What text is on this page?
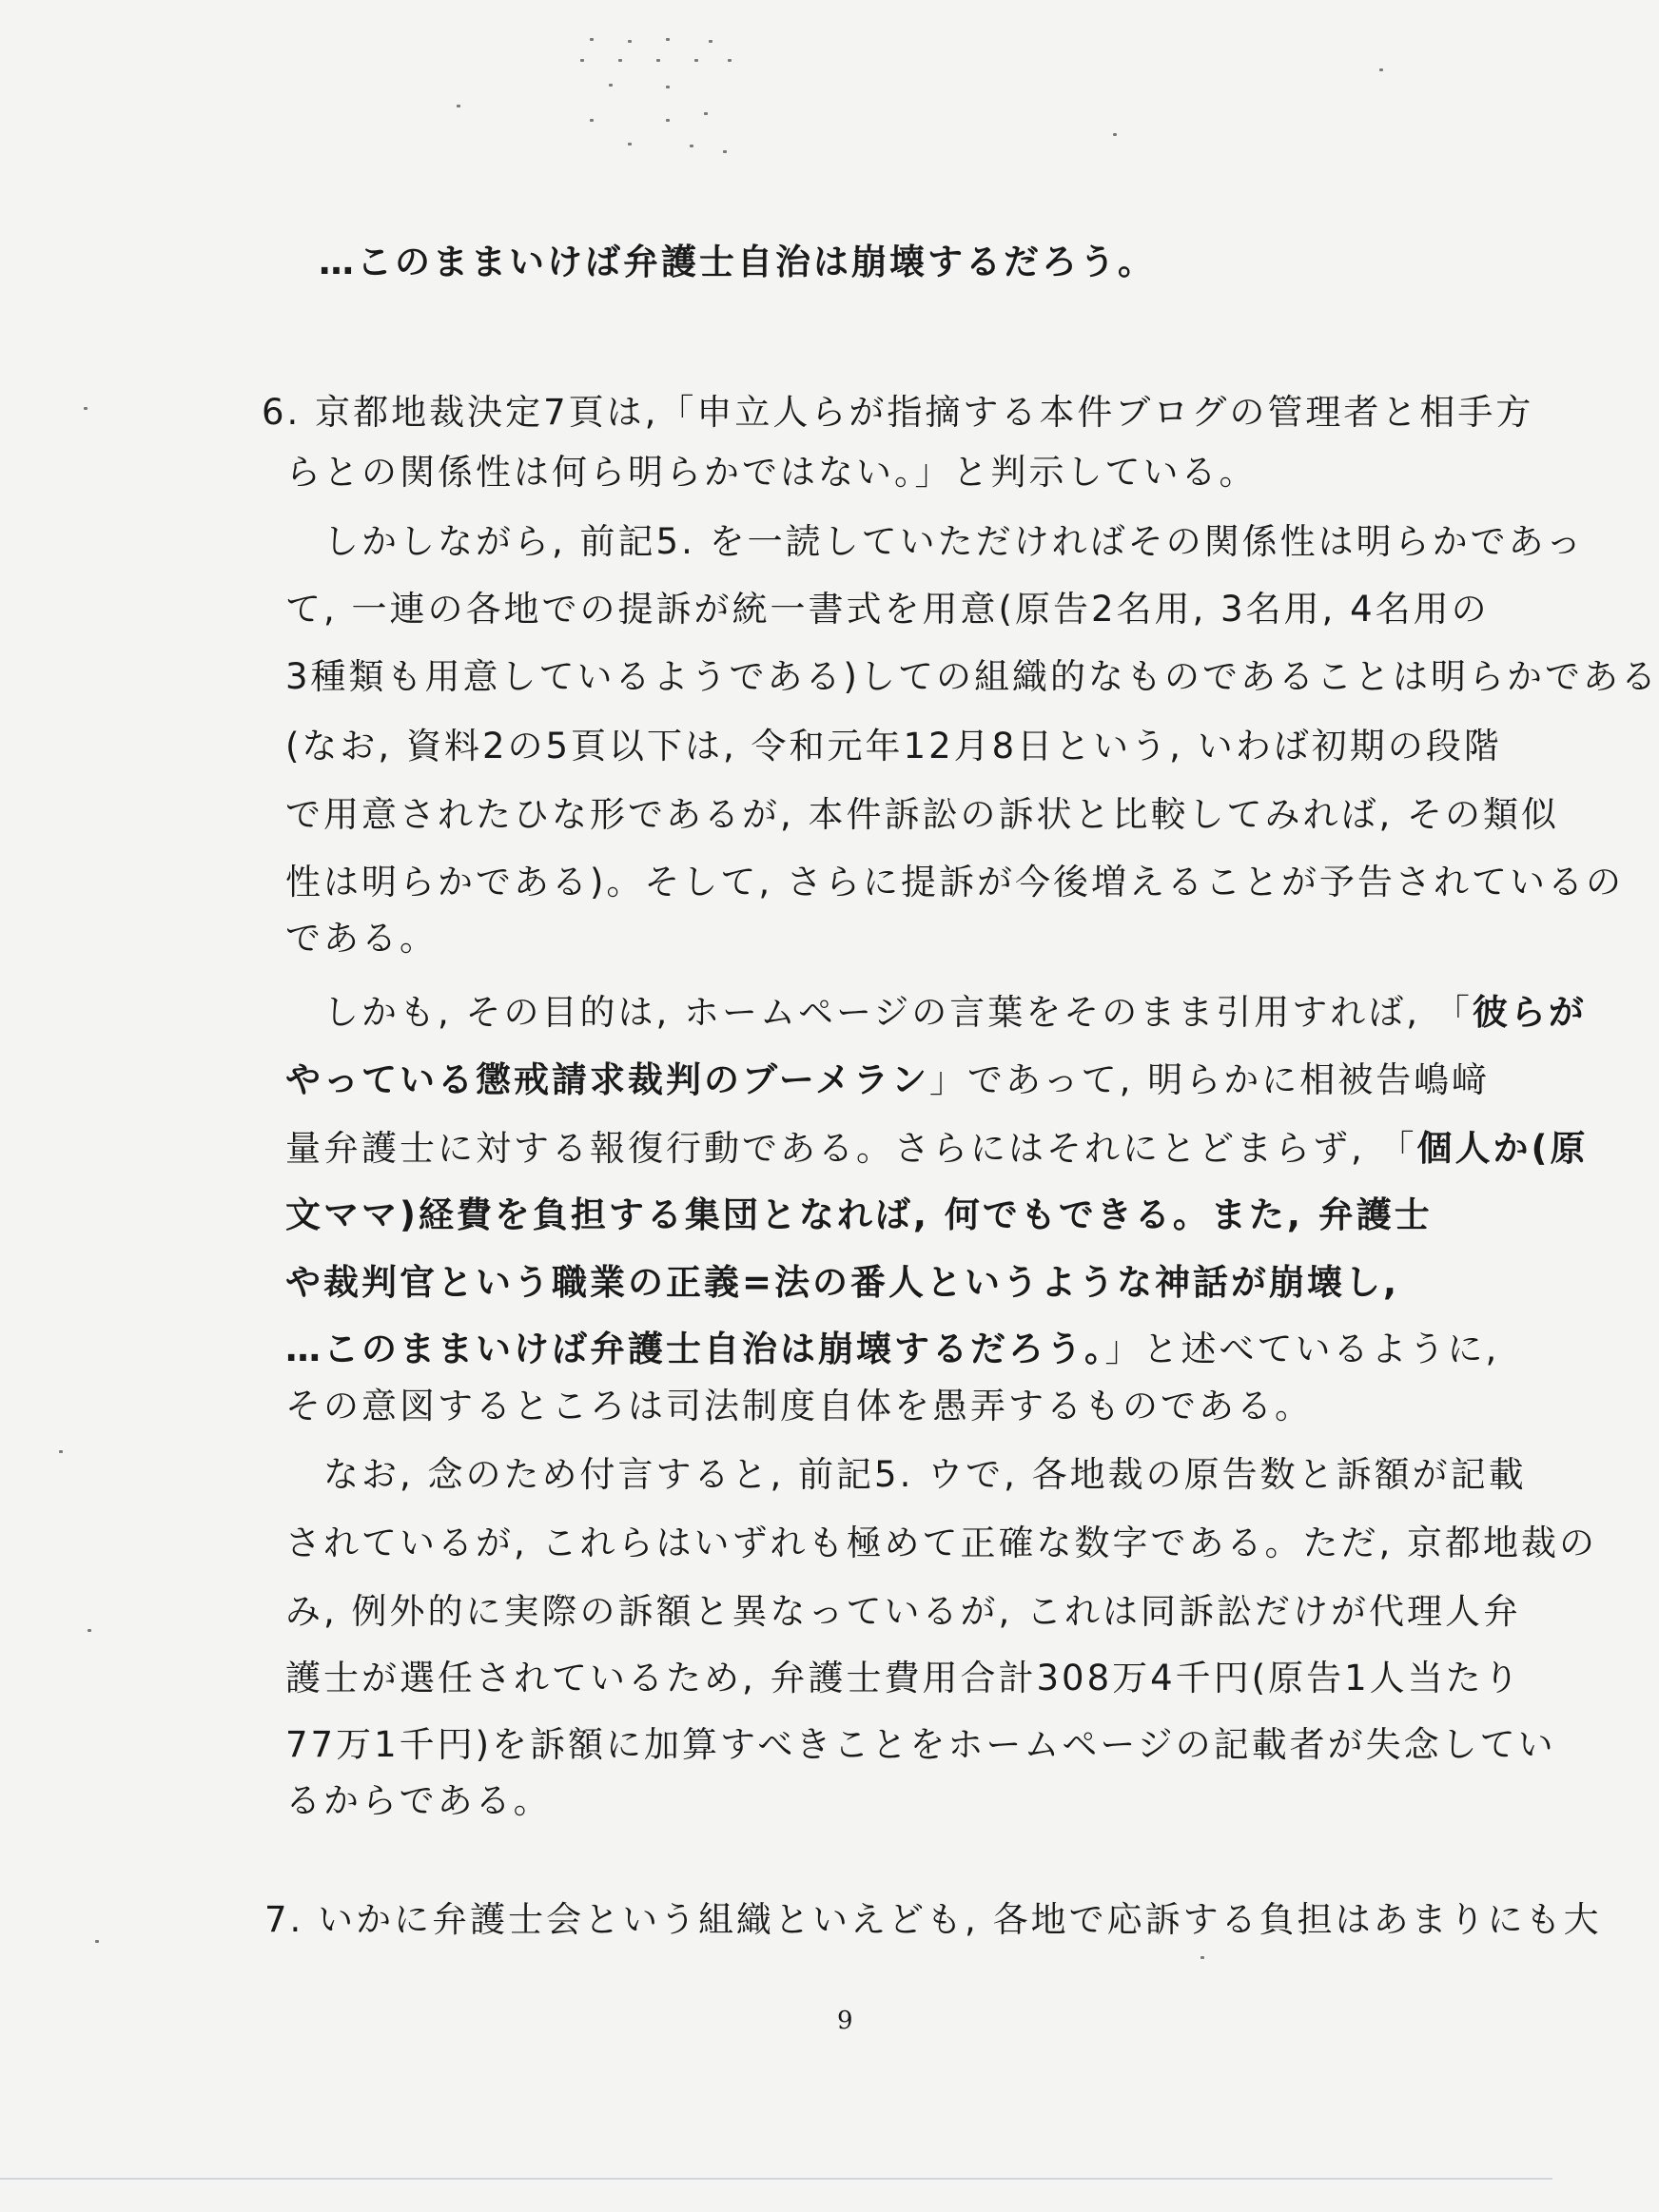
…このままいけば弁護士自治は崩壊するだろう。
6. 京都地裁決定7頁は,「申立人らが指摘する本件ブログの管理者と相手方
らとの関係性は何ら明らかではない。」と判示している。
しかしながら, 前記5. を一読していただければその関係性は明らかであっ
て, 一連の各地での提訴が統一書式を用意(原告2名用, 3名用, 4名用の
3種類も用意しているようである)しての組織的なものであることは明らかである
(なお, 資料2の5頁以下は, 令和元年12月8日という, いわば初期の段階
で用意されたひな形であるが, 本件訴訟の訴状と比較してみれば, その類似
性は明らかである)。そして, さらに提訴が今後増えることが予告されているの
である。
しかも, その目的は, ホームページの言葉をそのまま引用すれば, 「彼らが
やっている懲戒請求裁判のブーメラン」であって, 明らかに相被告嶋﨑
量弁護士に対する報復行動である。さらにはそれにとどまらず, 「個人か(原
文ママ)経費を負担する集団となれば, 何でもできる。また, 弁護士
や裁判官という職業の正義=法の番人というような神話が崩壊し,
…このままいけば弁護士自治は崩壊するだろう。」と述べているように,
その意図するところは司法制度自体を愚弄するものである。
なお, 念のため付言すると, 前記5. ウで, 各地裁の原告数と訴額が記載
されているが, これらはいずれも極めて正確な数字である。ただ, 京都地裁の
み, 例外的に実際の訴額と異なっているが, これは同訴訟だけが代理人弁
護士が選任されているため, 弁護士費用合計308万4千円(原告1人当たり
77万1千円)を訴額に加算すべきことをホームページの記載者が失念してい
るからである。
7. いかに弁護士会という組織といえども, 各地で応訴する負担はあまりにも大
9
